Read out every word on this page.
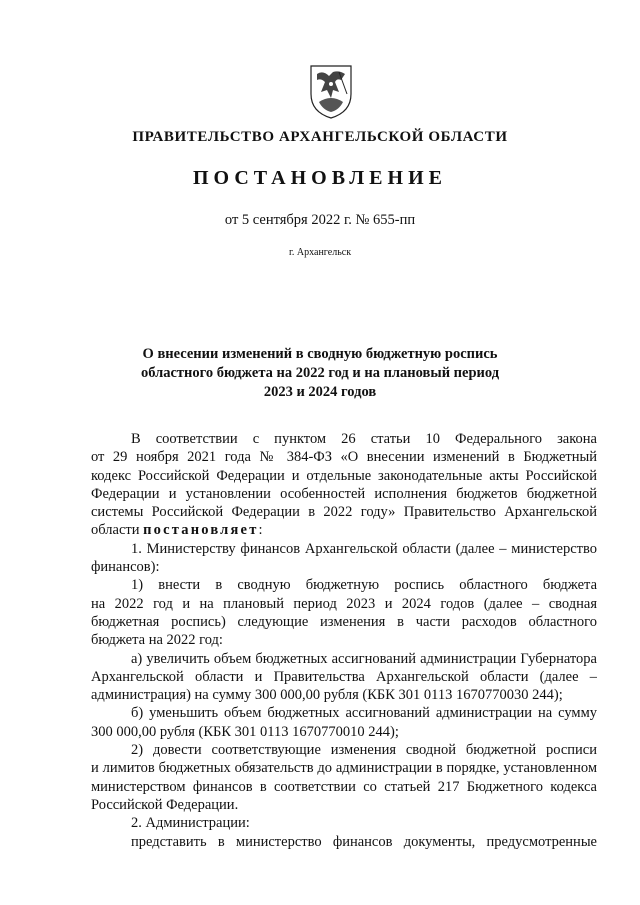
ПРАВИТЕЛЬСТВО АРХАНГЕЛЬСКОЙ ОБЛАСТИ
ПОСТАНОВЛЕНИЕ
от 5 сентября 2022 г. № 655-пп
г. Архангельск
О внесении изменений в сводную бюджетную роспись
областного бюджета на 2022 год и на плановый период
2023 и 2024 годов
В соответствии с пунктом 26 статьи 10 Федерального закона
от 29 ноября 2021 года № 384-ФЗ «О внесении изменений в Бюджетный
кодекс Российской Федерации и отдельные законодательные акты Российской
Федерации и установлении особенностей исполнения бюджетов бюджетной
системы Российской Федерации в 2022 году» Правительство Архангельской
области постановляет:
1. Министерству финансов Архангельской области (далее – министерство
финансов):
1) внести в сводную бюджетную роспись областного бюджета
на 2022 год и на плановый период 2023 и 2024 годов (далее – сводная
бюджетная роспись) следующие изменения в части расходов областного
бюджета на 2022 год:
а) увеличить объем бюджетных ассигнований администрации Губернатора
Архангельской области и Правительства Архангельской области (далее –
администрация) на сумму 300 000,00 рубля (КБК 301 0113 1670770030 244);
б) уменьшить объем бюджетных ассигнований администрации на сумму
300 000,00 рубля (КБК 301 0113 1670770010 244);
2) довести соответствующие изменения сводной бюджетной росписи
и лимитов бюджетных обязательств до администрации в порядке, установленном
министерством финансов в соответствии со статьей 217 Бюджетного кодекса
Российской Федерации.
2. Администрации:
представить в министерство финансов документы, предусмотренные
